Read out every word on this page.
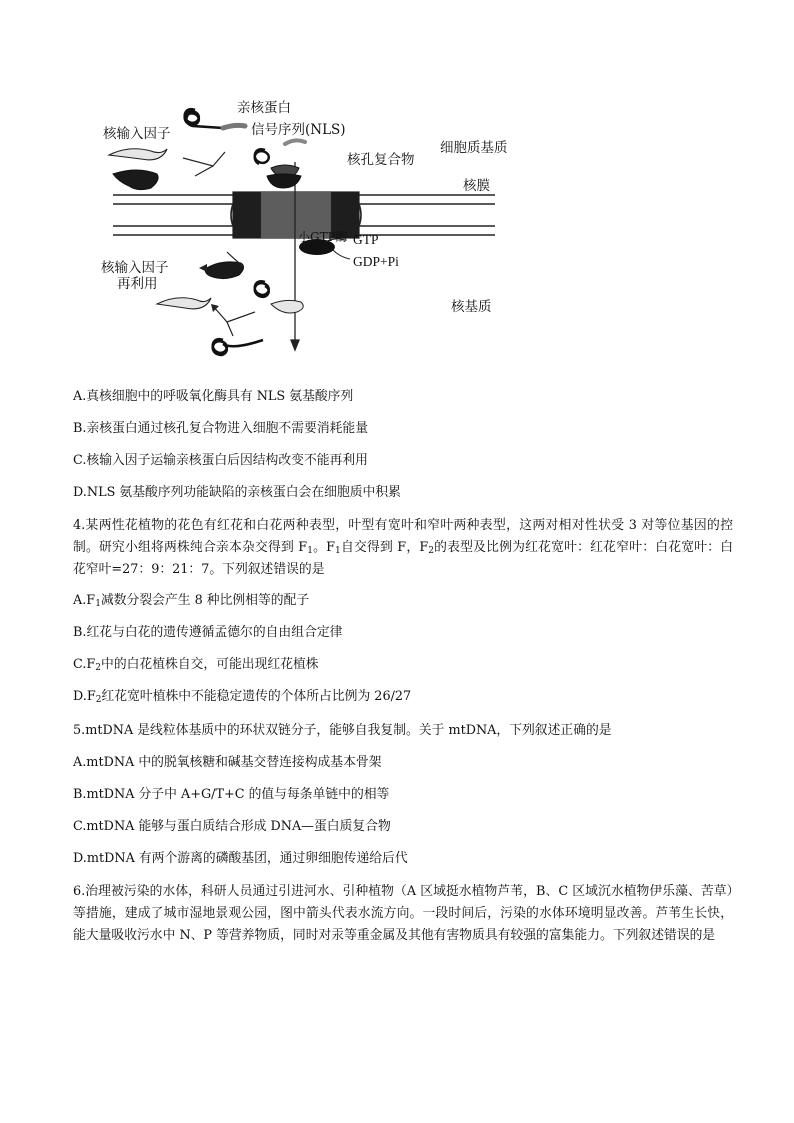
亲核蛋白
信号序列(NLS)
核输入因子
细胞质基质
核孔复合物
核膜
小GTP酶 GTP
GDP+Pi
核输入因子
再利用
核基质
A.真核细胞中的呼吸氧化酶具有 NLS 氨基酸序列
B.亲核蛋白通过核孔复合物进入细胞不需要消耗能量
C.核输入因子运输亲核蛋白后因结构改变不能再利用
D.NLS 氨基酸序列功能缺陷的亲核蛋白会在细胞质中积累
4.某两性花植物的花色有红花和白花两种表型，叶型有宽叶和窄叶两种表型，这两对相对性状受 3 对等位基因的控制。研究小组将两株纯合亲本杂交得到 $F_1$。$F_1$自交得到 F，$F_2$的表型及比例为红花宽叶：红花窄叶：白花宽叶：白花窄叶=27：9：21：7。下列叙述错误的是
$A.F_1$减数分裂会产生 8 种比例相等的配子
B.红花与白花的遗传遵循孟德尔的自由组合定律
$C.F_2$中的白花植株自交，可能出现红花植株
$D.F_2$红花宽叶植株中不能稳定遗传的个体所占比例为 26/27
5.mtDNA 是线粒体基质中的环状双链分子，能够自我复制。关于 mtDNA，下列叙述正确的是
A.mtDNA 中的脱氧核糖和碱基交替连接构成基本骨架
B.mtDNA 分子中 A+G/T+C 的值与每条单链中的相等
C.mtDNA 能够与蛋白质结合形成 DNA—蛋白质复合物
D.mtDNA 有两个游离的磷酸基团，通过卵细胞传递给后代
6.治理被污染的水体，科研人员通过引进河水、引种植物（A 区域挺水植物芦苇，B、C 区域沉水植物伊乐藻、苦草）等措施，建成了城市湿地景观公园，图中箭头代表水流方向。一段时间后，污染的水体环境明显改善。芦苇生长快，能大量吸收污水中 N、P 等营养物质，同时对汞等重金属及其他有害物质具有较强的富集能力。下列叙述错误的是
